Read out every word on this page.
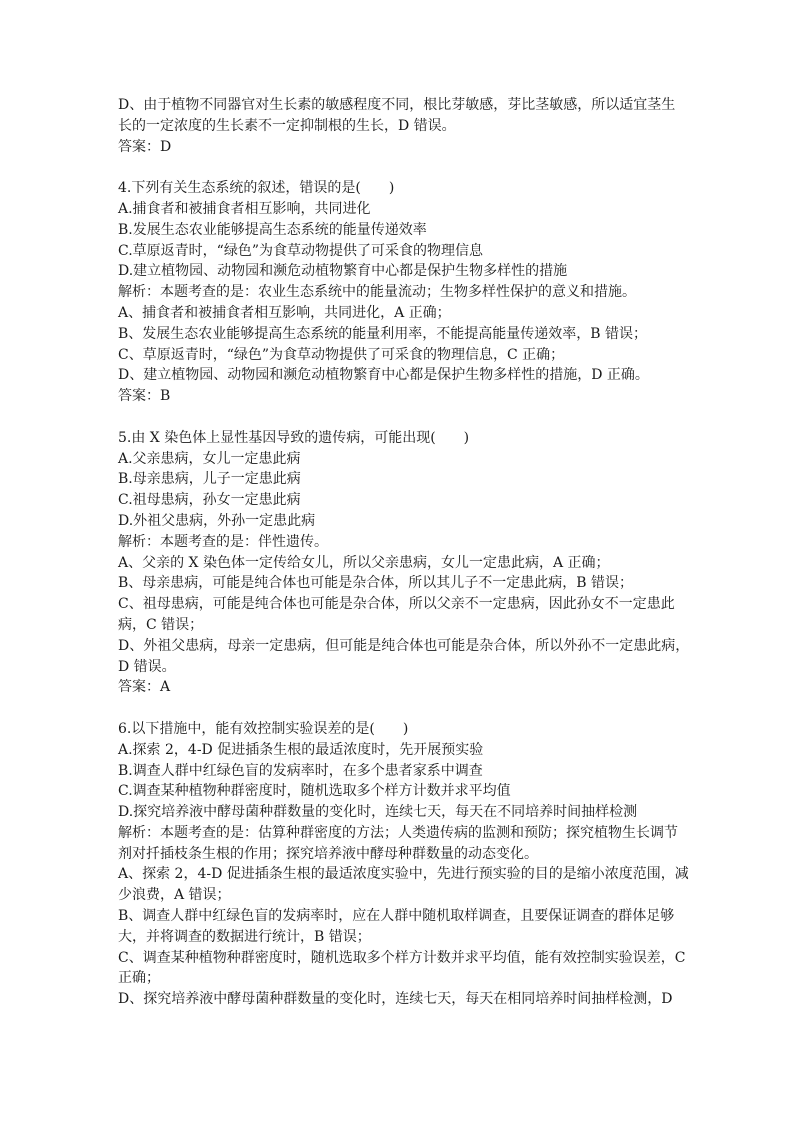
D、由于植物不同器官对生长素的敏感程度不同，根比芽敏感，芽比茎敏感，所以适宜茎生
长的一定浓度的生长素不一定抑制根的生长，D 错误。
答案：D
4.下列有关生态系统的叙述，错误的是(　　)
A.捕食者和被捕食者相互影响，共同进化
B.发展生态农业能够提高生态系统的能量传递效率
C.草原返青时，“绿色”为食草动物提供了可采食的物理信息
D.建立植物园、动物园和濒危动植物繁育中心都是保护生物多样性的措施
解析：本题考查的是：农业生态系统中的能量流动；生物多样性保护的意义和措施。
A、捕食者和被捕食者相互影响，共同进化，A 正确；
B、发展生态农业能够提高生态系统的能量利用率，不能提高能量传递效率，B 错误；
C、草原返青时，“绿色”为食草动物提供了可采食的物理信息，C 正确；
D、建立植物园、动物园和濒危动植物繁育中心都是保护生物多样性的措施，D 正确。
答案：B
5.由 X 染色体上显性基因导致的遗传病，可能出现(　　)
A.父亲患病，女儿一定患此病
B.母亲患病，儿子一定患此病
C.祖母患病，孙女一定患此病
D.外祖父患病，外孙一定患此病
解析：本题考查的是：伴性遗传。
A、父亲的 X 染色体一定传给女儿，所以父亲患病，女儿一定患此病，A 正确；
B、母亲患病，可能是纯合体也可能是杂合体，所以其儿子不一定患此病，B 错误；
C、祖母患病，可能是纯合体也可能是杂合体，所以父亲不一定患病，因此孙女不一定患此
病，C 错误；
D、外祖父患病，母亲一定患病，但可能是纯合体也可能是杂合体，所以外孙不一定患此病，
D 错误。
答案：A
6.以下措施中，能有效控制实验误差的是(　　)
A.探索 2，4-D 促进插条生根的最适浓度时，先开展预实验
B.调查人群中红绿色盲的发病率时，在多个患者家系中调查
C.调查某种植物种群密度时，随机选取多个样方计数并求平均值
D.探究培养液中酵母菌种群数量的变化时，连续七天，每天在不同培养时间抽样检测
解析：本题考查的是：估算种群密度的方法；人类遗传病的监测和预防；探究植物生长调节
剂对扦插枝条生根的作用；探究培养液中酵母种群数量的动态变化。
A、探索 2，4-D 促进插条生根的最适浓度实验中，先进行预实验的目的是缩小浓度范围，减
少浪费，A 错误；
B、调查人群中红绿色盲的发病率时，应在人群中随机取样调查，且要保证调查的群体足够
大，并将调查的数据进行统计，B 错误；
C、调查某种植物种群密度时，随机选取多个样方计数并求平均值，能有效控制实验误差，C
正确；
D、探究培养液中酵母菌种群数量的变化时，连续七天，每天在相同培养时间抽样检测，D
